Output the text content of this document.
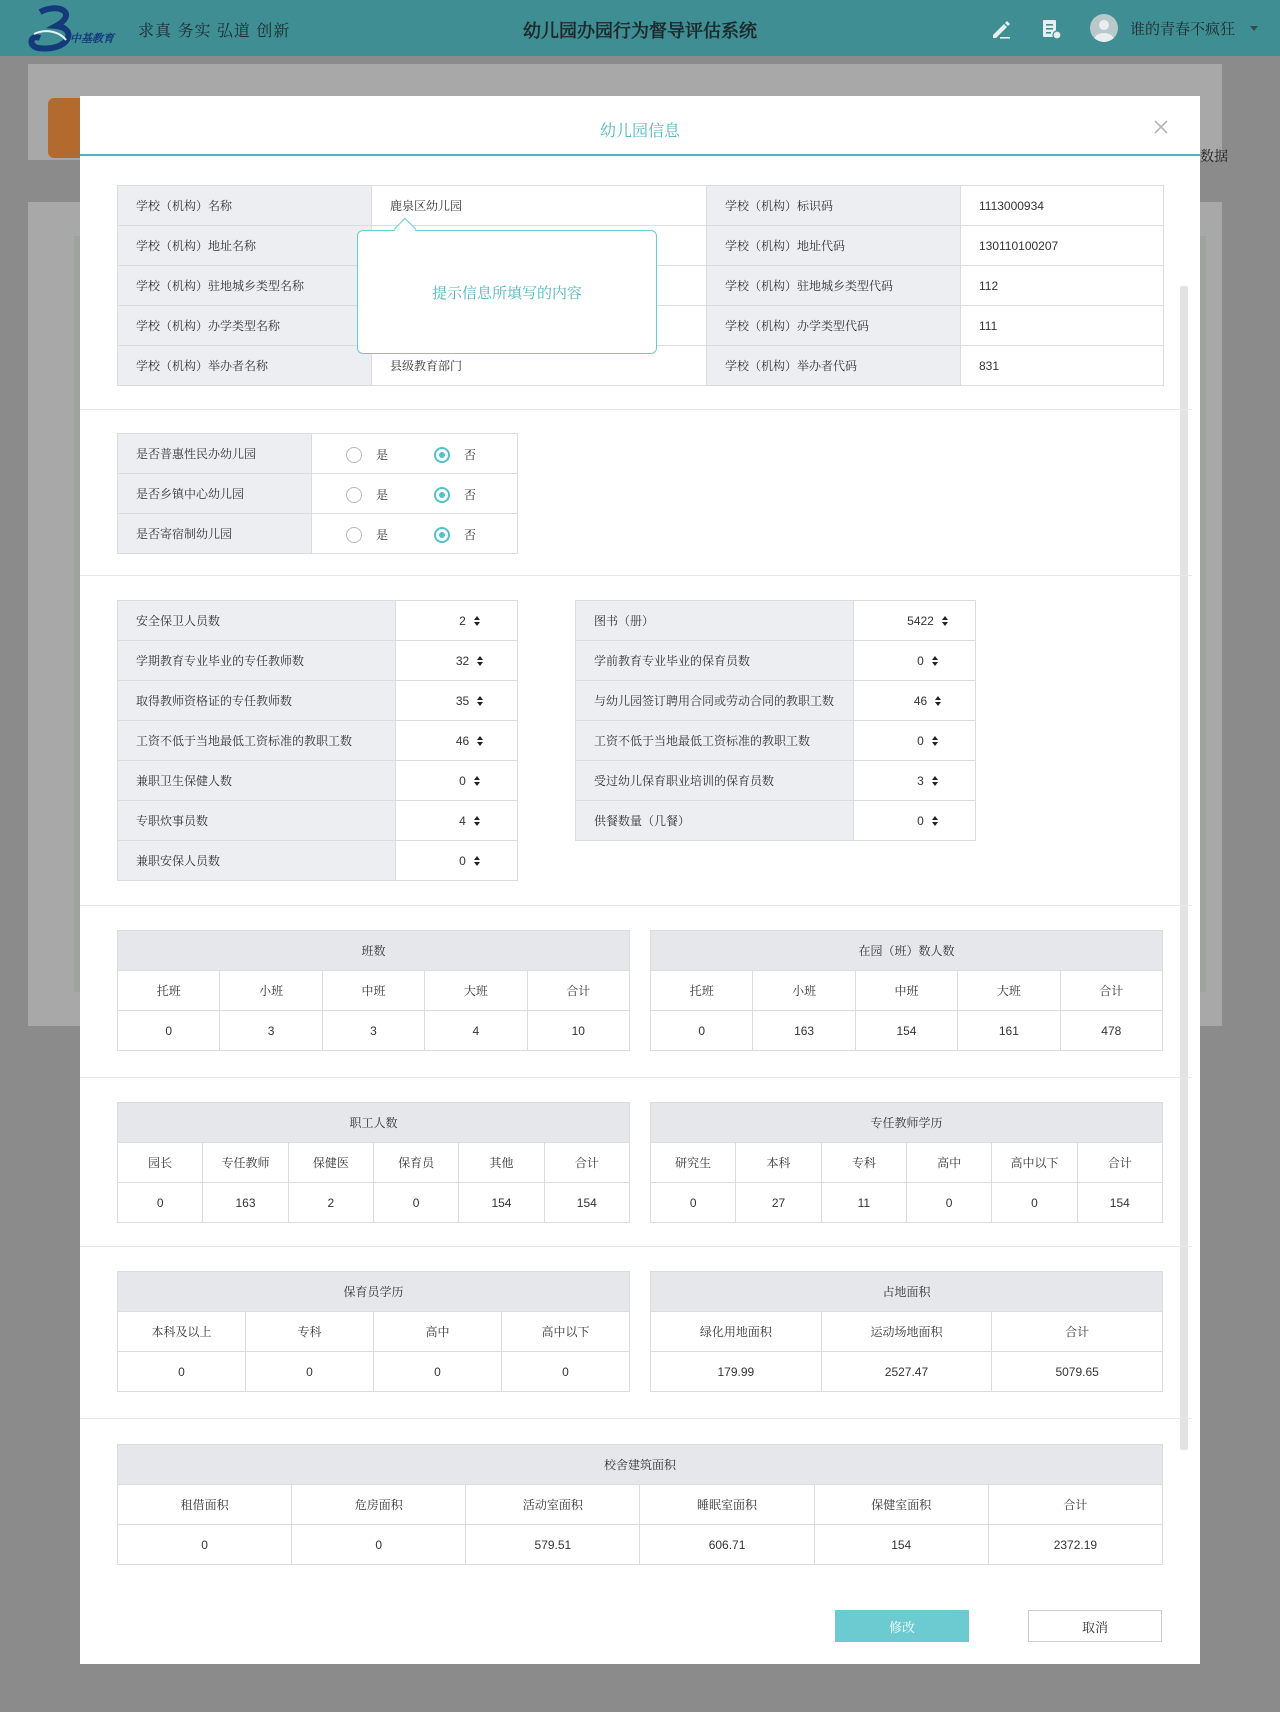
中基教育 求真 务实 弘道 创新	幼儿园办园行为督导评估系统	谁的青春不疯狂
数据
幼儿园信息
学校（机构）名称	鹿泉区幼儿园	学校（机构）标识码	1113000934
学校（机构）地址名称		学校（机构）地址代码	130110100207
学校（机构）驻地城乡类型名称		学校（机构）驻地城乡类型代码	112
学校（机构）办学类型名称		学校（机构）办学类型代码	111
学校（机构）举办者名称	县级教育部门	学校（机构）举办者代码	831
是否普惠性民办幼儿园	是 否

是否乡镇中心幼儿园	是 否

是否寄宿制幼儿园	是 否
安全保卫人员数	2

学期教育专业毕业的专任教师数	32

取得教师资格证的专任教师数	35

工资不低于当地最低工资标准的教职工数	46

兼职卫生保健人数	0

专职炊事员数	4

兼职安保人员数	0
图书（册）	5422

学前教育专业毕业的保育员数	0

与幼儿园签订聘用合同或劳动合同的教职工数	46

工资不低于当地最低工资标准的教职工数	0

受过幼儿保育职业培训的保育员数	3

供餐数量（几餐）	0
班数				
托班	小班	中班	大班	合计
0	3	3	4	10
在园（班）数人数				
托班	小班	中班	大班	合计
0	163	154	161	478
职工人数					
园长	专任教师	保健医	保育员	其他	合计
0	163	2	0	154	154
专任教师学历					
研究生	本科	专科	高中	高中以下	合计
0	27	11	0	0	154
保育员学历			
本科及以上	专科	高中	高中以下
0	0	0	0
占地面积		
绿化用地面积	运动场地面积	合计
179.99	2527.47	5079.65
校舍建筑面积					
租借面积	危房面积	活动室面积	睡眠室面积	保健室面积	合计
0	0	579.51	606.71	154	2372.19
提示信息所填写的内容
修改	取消
